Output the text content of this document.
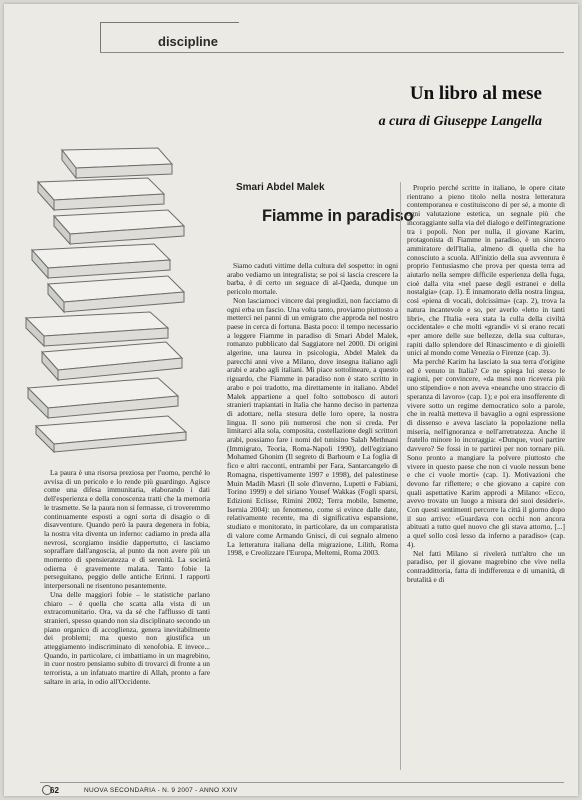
discipline
Un libro al mese
a cura di Giuseppe Langella
Smari Abdel Malek
Fiamme in paradiso

La paura è una risorsa preziosa per l'uomo, perché lo avvisa di un pericolo e lo rende più guardingo. Agisce come una difesa immunitaria, elaborando i dati dell'esperienza e della conoscenza tratti che la memoria le trasmette. Se la paura non si fermasse, ci troveremmo continuamente esposti a ogni sorta di disagio o di disavventure. Quando però la paura degenera in fobia, la nostra vita diventa un inferno: cadiamo in preda alla nevrosi, scorgiamo insidie dappertutto, ci lasciamo sopraffare dall'angoscia, al punto da non avere più un momento di spensieratezza e di serenità. La società odierna è gravemente malata. Tanto fobie la perseguitano, peggio delle antiche Erinni. I rapporti interpersonali ne risentono pesantemente.

Una delle maggiori fobie – le statistiche parlano chiaro – è quella che scatta alla vista di un extracomunitario. Ora, va da sé che l'afflusso di tanti stranieri, spesso quando non sia disciplinato secondo un piano organico di accoglienza, genera inevitabilmente dei problemi; ma questo non giustifica un atteggiamento indiscriminato di xenofobia. E invece... Quando, in particolare, ci imbattiamo in un magrebino, in cuor nostro pensiamo subito di trovarci di fronte a un terrorista, a un infatuato martire di Allah, pronto a fare saltare in aria, in odio all'Occidente.

Siamo caduti vittime della cultura del sospetto: in ogni arabo vediamo un integralista; se poi si lascia crescere la barba, è di certo un seguace di al-Qaeda, dunque un pericolo mortale.

Non lasciamoci vincere dai pregiudizi, non facciamo di ogni erba un fascio. Una volta tanto, proviamo piuttosto a metterci nei panni di un emigrato che approda nel nostro paese in cerca di fortuna. Basta poco: il tempo necessario a leggere Fiamme in paradiso di Smari Abdel Malek, romanzo pubblicato dal Saggiatore nel 2000. Di origini algerine, una laurea in psicologia, Abdel Malek da parecchi anni vive a Milano, dove insegna italiano agli arabi e arabo agli italiani. Mi piace sottolineare, a questo riguardo, che Fiamme in paradiso non è stato scritto in arabo e poi tradotto, ma direttamente in italiano. Abdel Malek appartiene a quel folto sottobosco di autori stranieri trapiantati in Italia che hanno deciso in partenza di adottare, nella stesura delle loro opere, la nostra lingua. Il sono più numerosi che non si creda. Per limitarci alla sola, composita, costellazione degli scrittori arabi, possiamo fare i nomi del tunisino Salah Methnani (Immigrato, Teoria, Roma-Napoli 1990), dell'egiziano Mohamed Ghonim (Il segreto di Barhoum e La foglia di fico e altri racconti, entrambi per Fara, Santarcangelo di Romagna, rispettivamente 1997 e 1998), del palestinese Muin Madih Masri (Il sole d'inverno, Lupetti e Fabiani, Torino 1999) e del siriano Yousef Wakkas (Fogli sparsi, Edizioni Eclisse, Rimini 2002; Terra mobile, Ismeme, Isernia 2004): un fenomeno, come si evince dalle date, relativamente recente, ma di significativa espansione, studiato e monitorato, in particolare, da un comparatista di valore come Armando Gnisci, di cui segnalo almeno La letteratura italiana della migrazione, Lilith, Roma 1998, e Creolizzare l'Europa, Meltemi, Roma 2003.

Proprio perché scritte in italiano, le opere citate rientrano a pieno titolo nella nostra letteratura contemporanea e costituiscono di per sé, a monte di ogni valutazione estetica, un segnale più che incoraggiante sulla via del dialogo e dell'integrazione tra i popoli. Non per nulla, il giovane Karim, protagonista di Fiamme in paradiso, è un sincero ammiratore dell'Italia, almeno di quella che ha conosciuto a scuola. All'inizio della sua avventura è proprio l'entusiasmo che prova per questa terra ad aiutarlo nella sempre difficile esperienza della fuga, cioè dalla vita «nel paese degli estranei e della nostalgia» (cap. 1). È innamorato della nostra lingua, così «piena di vocali, dolcissima» (cap. 2), trova la natura incantevole e so, per averlo «letto in tanti libri», che l'Italia «era stata la culla della civiltà occidentale» e che molti «grandi» vi si erano recati «per amore delle sue bellezze, della sua cultura», rapiti dallo splendore del Rinascimento e di gioielli unici al mondo come Venezia o Firenze (cap. 3).

Ma perché Karim ha lasciato la sua terra d'origine ed è venuto in Italia? Ce ne spiega lui stesso le ragioni, per convincere, «da mesi non ricevera più uno stipendio» e non aveva «neanche uno straccio di speranza di lavoro» (cap. 1); e poi era insofferente di vivere sotto un regime democratico solo a parole, che in realtà metteva il bavaglio a ogni espressione di dissenso e aveva lasciato la popolazione nella miseria, nell'ignoranza e nell'arretratezza. Anche il fratello minore lo incoraggia: «Dunque, vuoi partire davvero? Se fossi in te partirei per non tornare più. Sono pronto a mangiare la polvere piuttosto che vivere in questo paese che non ci vuole nessun bene e che ci vuole morti» (cap. 1). Motivazioni che devono far riflettere; e che giovano a capire con quali aspettative Karim approdi a Milano: «Ecco, avevo trovato un luogo a misura dei suoi desideri». Con questi sentimenti percorre la città il giorno dopo il suo arrivo: «Guardava con occhi non ancora abituati a tutto quel nuovo che gli stava attorno, [...] a quel sollo così lesso da inferno a paradiso» (cap. 4).

Nel fatti Milano si rivelerà tutt'altro che un paradiso, per il giovane magrebino che vive nella contraddittoria, fatta di indifferenza e di umanità, di brutalità e di

62	NUOVA SECONDARIA - N. 9 2007 - ANNO XXIV
